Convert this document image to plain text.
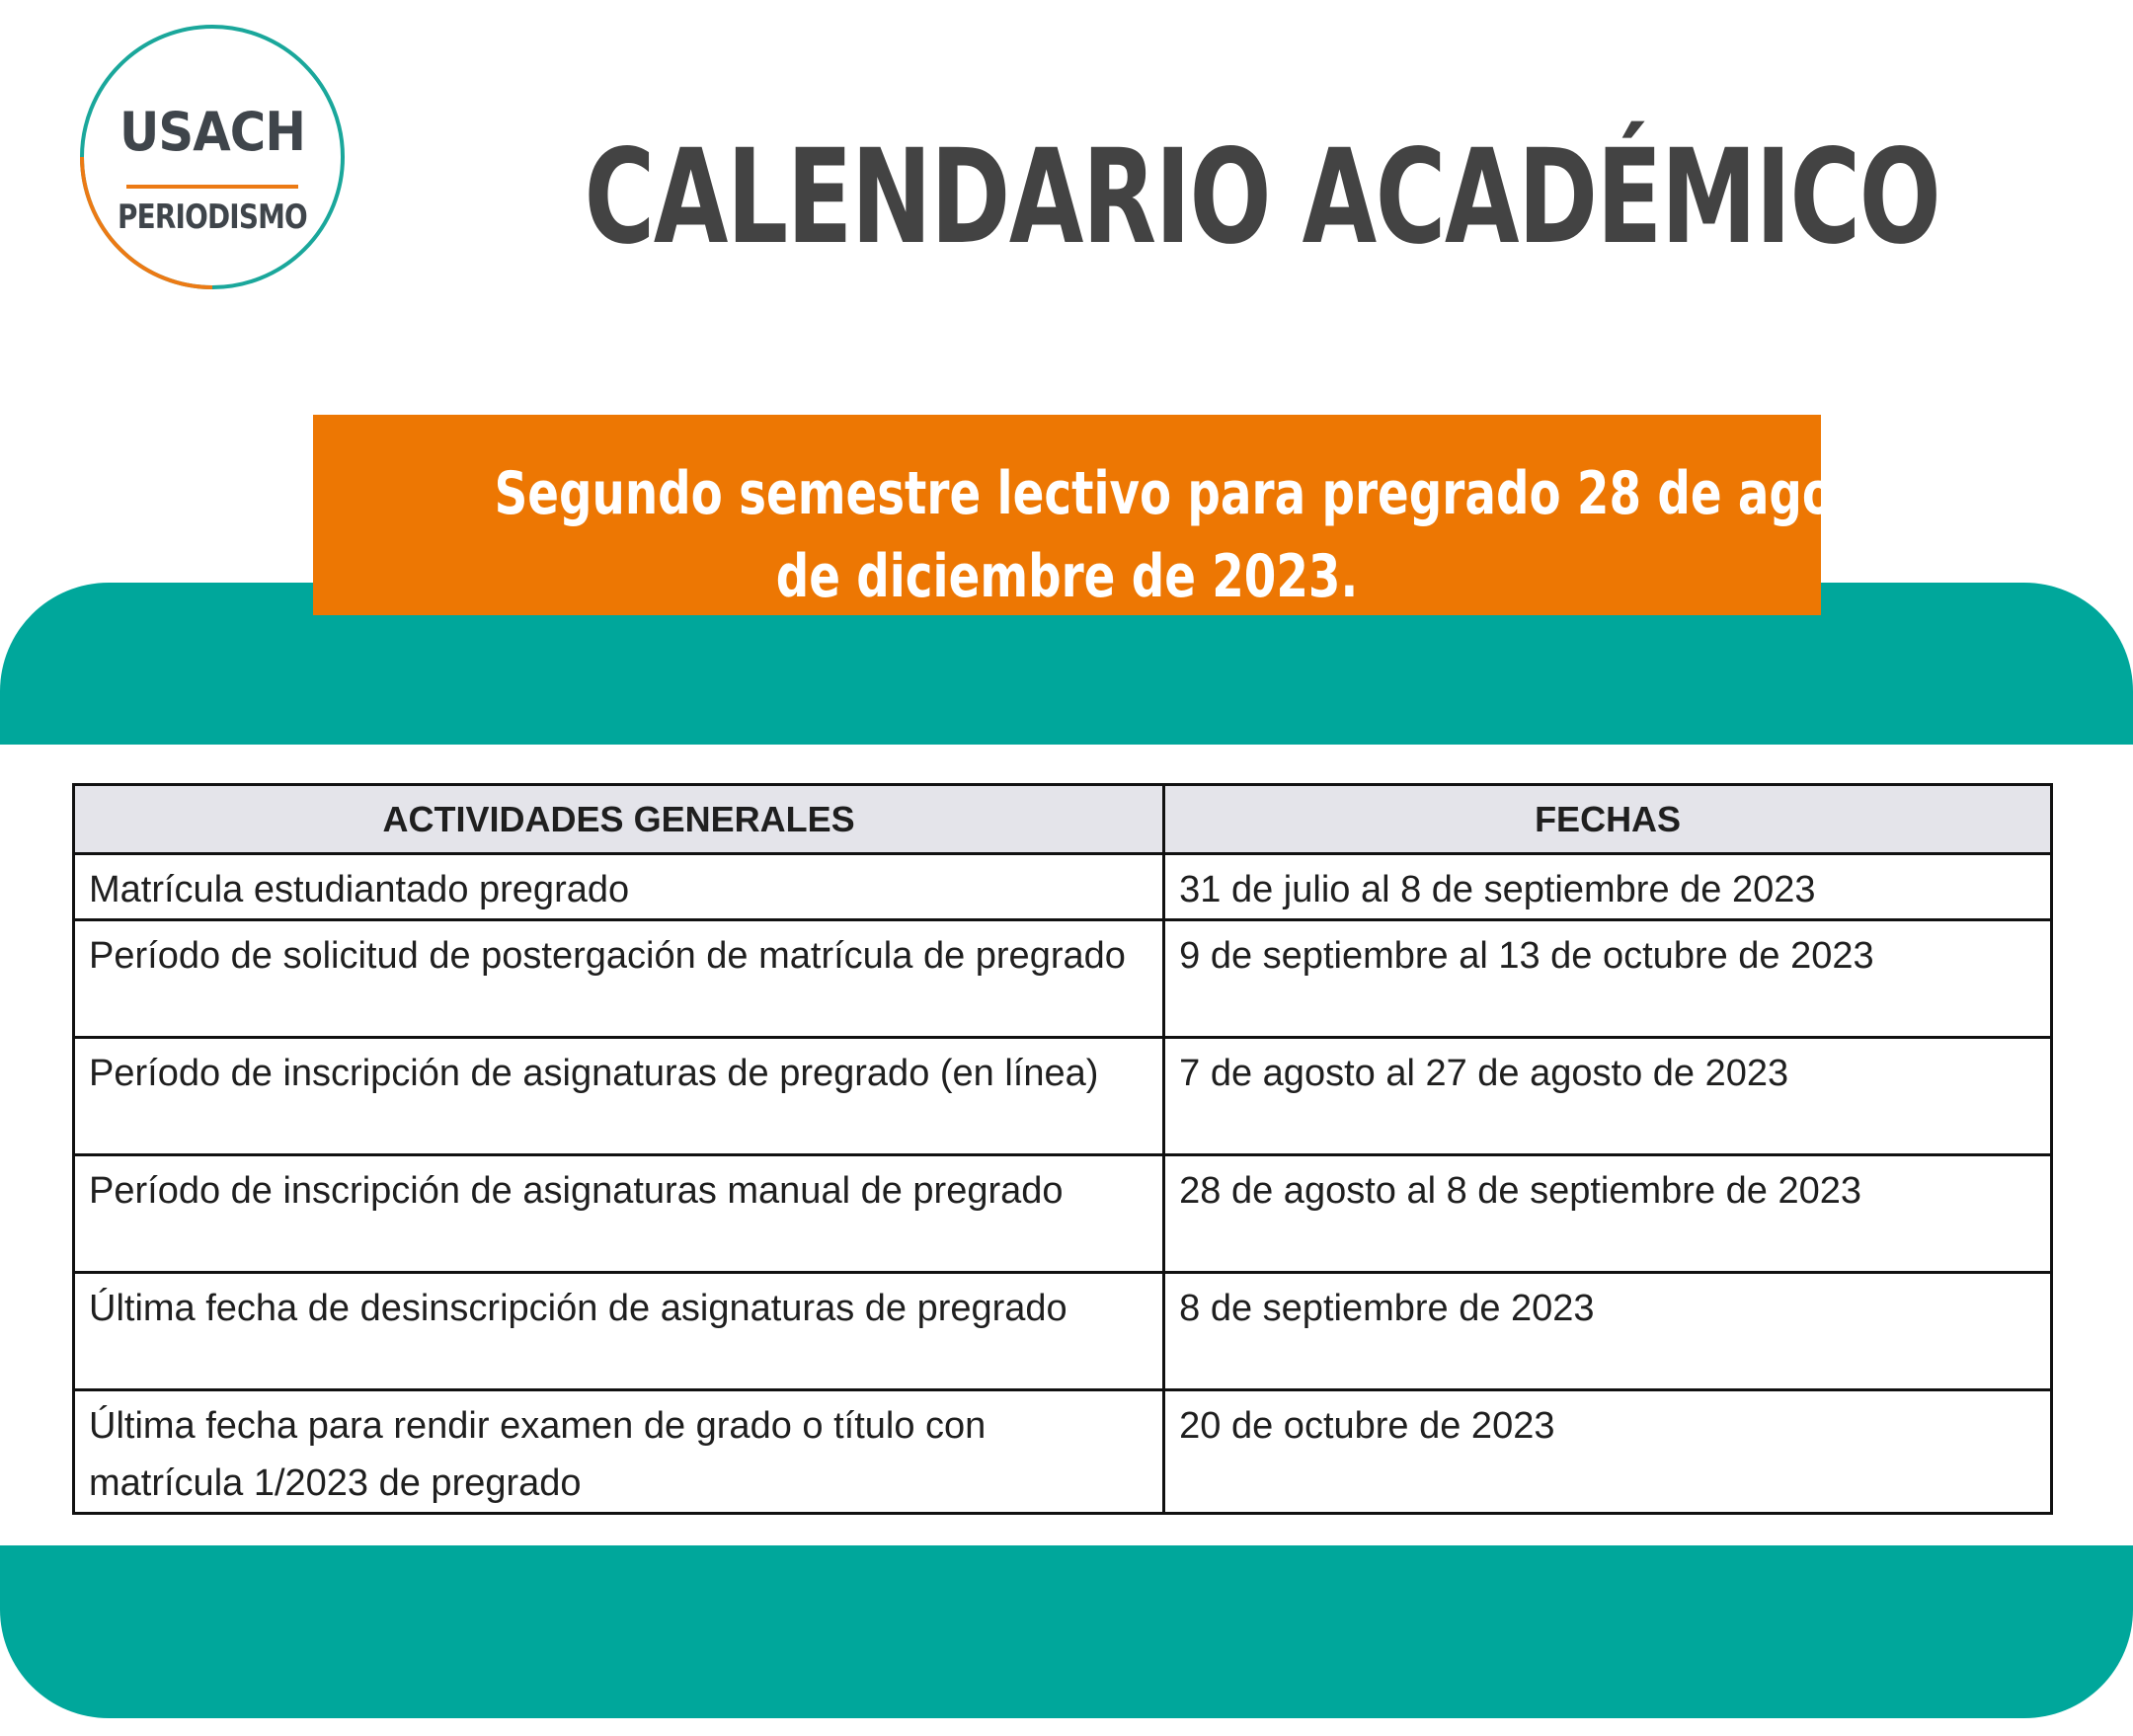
USACH
PERIODISMO CALENDARIO ACADÉMICO
Segundo semestre lectivo para pregrado 28 de agosto al 23
de diciembre de 2023.
ACTIVIDADES GENERALES	FECHAS
Matrícula estudiantado pregrado	31 de julio al 8 de septiembre de 2023
Período de solicitud de postergación de matrícula de pregrado	9 de septiembre al 13 de octubre de 2023
Período de inscripción de asignaturas de pregrado (en línea)	7 de agosto al 27 de agosto de 2023
Período de inscripción de asignaturas manual de pregrado	28 de agosto al 8 de septiembre de 2023
Última fecha de desinscripción de asignaturas de pregrado	8 de septiembre de 2023
Última fecha para rendir examen de grado o título con matrícula 1/2023 de pregrado	20 de octubre de 2023
